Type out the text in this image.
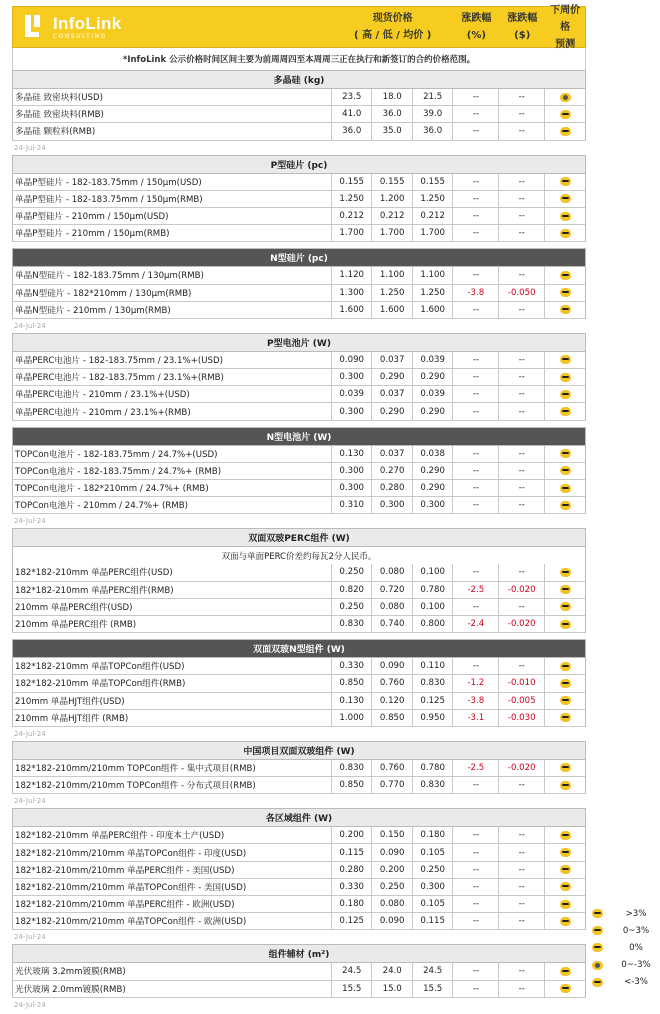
InfoLink
CONSULTING
现货价格
( 高 / 低 / 均价 )
涨跌幅
(%)
涨跌幅
($)
下周价格
预测
*InfoLink 公示价格时间区间主要为前周周四至本周周三正在执行和新签订的合约价格范围。
多晶硅 (kg)
多晶硅 致密块料(USD)	23.5	18.0	21.5	--	--
多晶硅 致密块料(RMB)	41.0	36.0	39.0	--	--
多晶硅 颗粒料(RMB)	36.0	35.0	36.0	--	--
24-Jul-24
P型硅片 (pc)
单晶P型硅片 - 182-183.75mm / 150μm(USD)	0.155	0.155	0.155	--	--
单晶P型硅片 - 182-183.75mm / 150μm(RMB)	1.250	1.200	1.250	--	--
单晶P型硅片 - 210mm / 150μm(USD)	0.212	0.212	0.212	--	--
单晶P型硅片 - 210mm / 150μm(RMB)	1.700	1.700	1.700	--	--
N型硅片 (pc)
单晶N型硅片 - 182-183.75mm / 130μm(RMB)	1.120	1.100	1.100	--	--
单晶N型硅片 - 182*210mm / 130μm(RMB)	1.300	1.250	1.250	-3.8	-0.050
单晶N型硅片 - 210mm / 130μm(RMB)	1.600	1.600	1.600	--	--
24-Jul-24
P型电池片 (W)
单晶PERC电池片 - 182-183.75mm / 23.1%+(USD)	0.090	0.037	0.039	--	--
单晶PERC电池片 - 182-183.75mm / 23.1%+(RMB)	0.300	0.290	0.290	--	--
单晶PERC电池片 - 210mm / 23.1%+(USD)	0.039	0.037	0.039	--	--
单晶PERC电池片 - 210mm / 23.1%+(RMB)	0.300	0.290	0.290	--	--
N型电池片 (W)
TOPCon电池片 - 182-183.75mm / 24.7%+(USD)	0.130	0.037	0.038	--	--
TOPCon电池片 - 182-183.75mm / 24.7%+ (RMB)	0.300	0.270	0.290	--	--
TOPCon电池片 - 182*210mm / 24.7%+ (RMB)	0.300	0.280	0.290	--	--
TOPCon电池片 - 210mm / 24.7%+ (RMB)	0.310	0.300	0.300	--	--
24-Jul-24
双面双玻PERC组件 (W)
双面与单面PERC价差约每瓦2分人民币。
182*182-210mm 单晶PERC组件(USD)	0.250	0.080	0.100	--	--
182*182-210mm 单晶PERC组件(RMB)	0.820	0.720	0.780	-2.5	-0.020
210mm 单晶PERC组件(USD)	0.250	0.080	0.100	--	--
210mm 单晶PERC组件 (RMB)	0.830	0.740	0.800	-2.4	-0.020
双面双玻N型组件 (W)
182*182-210mm 单晶TOPCon组件(USD)	0.330	0.090	0.110	--	--
182*182-210mm 单晶TOPCon组件(RMB)	0.850	0.760	0.830	-1.2	-0.010
210mm 单晶HJT组件(USD)	0.130	0.120	0.125	-3.8	-0.005
210mm 单晶HJT组件 (RMB)	1.000	0.850	0.950	-3.1	-0.030
24-Jul-24
中国项目双面双玻组件 (W)
182*182-210mm/210mm TOPCon组件 - 集中式项目(RMB)	0.830	0.760	0.780	-2.5	-0.020
182*182-210mm/210mm TOPCon组件 - 分布式项目(RMB)	0.850	0.770	0.830	--	--
24-Jul-24
各区域组件 (W)
182*182-210mm 单晶PERC组件 - 印度本土产(USD)	0.200	0.150	0.180	--	--
182*182-210mm/210mm 单晶TOPCon组件 - 印度(USD)	0.115	0.090	0.105	--	--
182*182-210mm/210mm 单晶PERC组件 - 美国(USD)	0.280	0.200	0.250	--	--
182*182-210mm/210mm 单晶TOPCon组件 - 美国(USD)	0.330	0.250	0.300	--	--
182*182-210mm/210mm 单晶PERC组件 - 欧洲(USD)	0.180	0.080	0.105	--	--
182*182-210mm/210mm 单晶TOPCon组件 - 欧洲(USD)	0.125	0.090	0.115	--	--
24-Jul-24
组件辅材 (m²)
光伏玻璃 3.2mm镀膜(RMB)	24.5	24.0	24.5	--	--
光伏玻璃 2.0mm镀膜(RMB)	15.5	15.0	15.5	--	--
24-Jul-24
>3%
0~3%
0%
0~-3%
<-3%
